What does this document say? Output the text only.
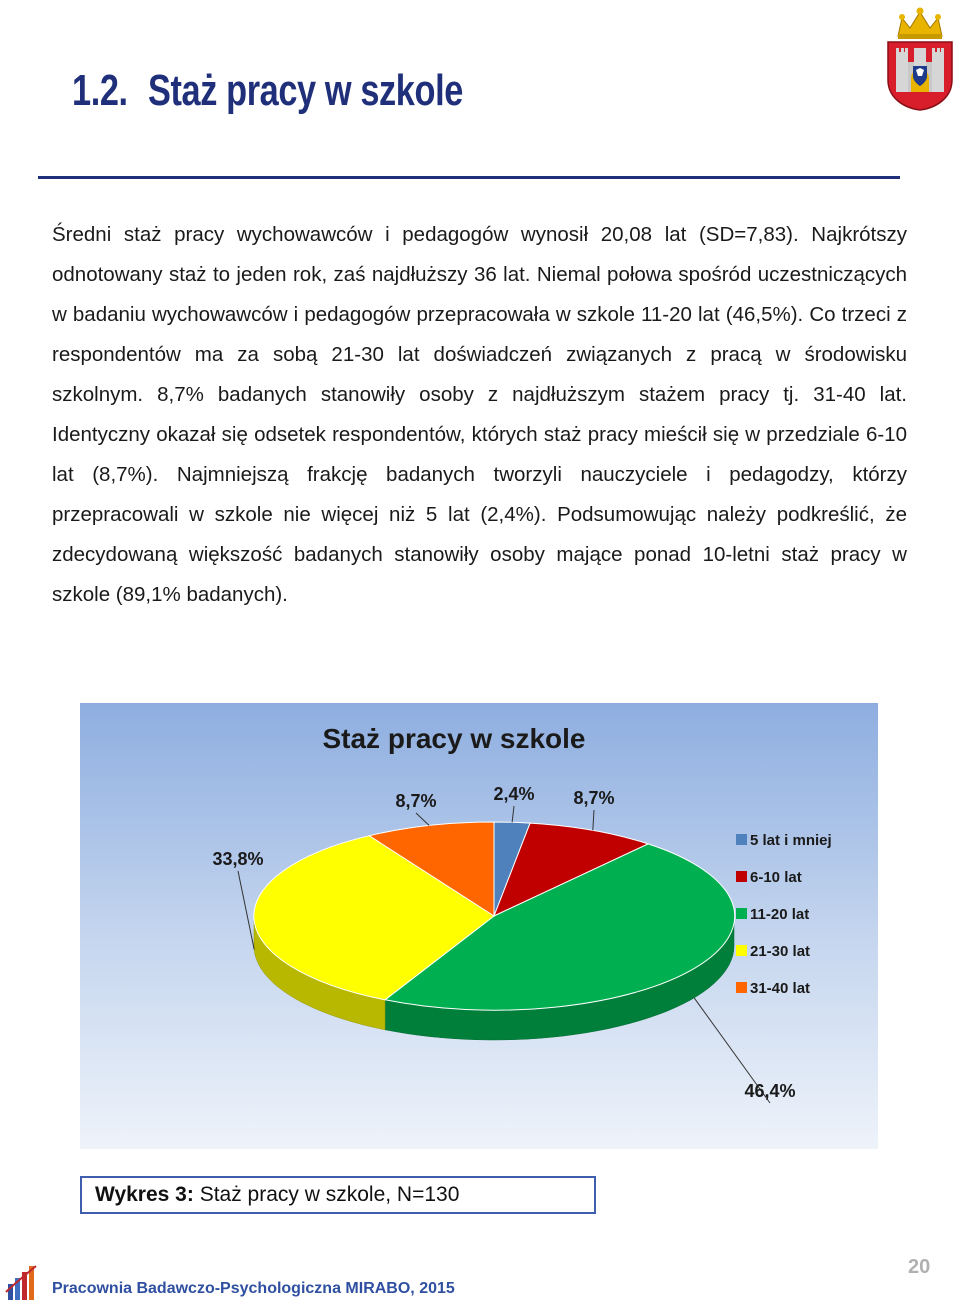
1.2. Staż pracy w szkole
Średni staż pracy wychowawców i pedagogów wynosił 20,08 lat (SD=7,83). Najkrótszy odnotowany staż to jeden rok, zaś najdłuższy 36 lat. Niemal połowa spośród uczestniczących w badaniu wychowawców i pedagogów przepracowała w szkole 11-20 lat (46,5%). Co trzeci z respondentów ma za sobą 21-30 lat doświadczeń związanych z pracą w środowisku szkolnym. 8,7% badanych stanowiły osoby z najdłuższym stażem pracy tj. 31-40 lat. Identyczny okazał się odsetek respondentów, których staż pracy mieścił się w przedziale 6-10 lat (8,7%). Najmniejszą frakcję badanych tworzyli nauczyciele i pedagodzy, którzy przepracowali w szkole nie więcej niż 5 lat (2,4%). Podsumowując należy podkreślić, że zdecydowaną większość badanych stanowiły osoby mające ponad 10-letni staż pracy w szkole (89,1% badanych).
Staż pracy w szkole
2,4% 8,7%
46,4%
33,8%
8,7%
5 lat i mniej
6-10 lat
11-20 lat
21-30 lat
31-40 lat
Wykres 3: Staż pracy w szkole, N=130
Pracownia Badawczo-Psychologiczna MIRABO, 2015
20
